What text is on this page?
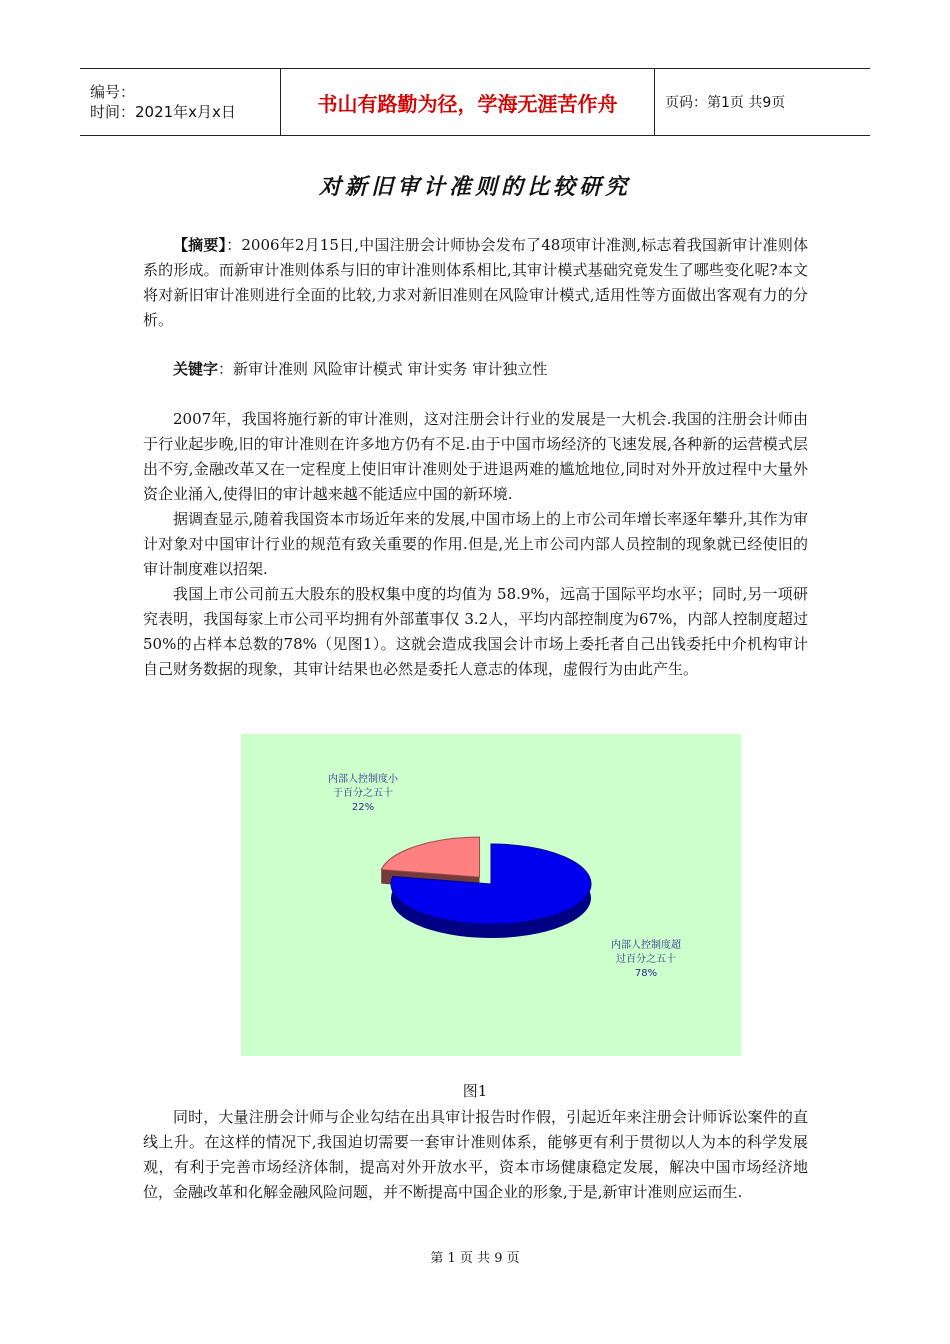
编号：
时间：2021年x月x日	书山有路勤为径，学海无涯苦作舟	页码：第1页 共9页
对新旧审计准则的比较研究

【摘要】：2006年2月15日,中国注册会计师协会发布了48项审计准测,标志着我国新审计准则体系的形成。而新审计准则体系与旧的审计准则体系相比,其审计模式基础究竟发生了哪些变化呢?本文将对新旧审计准则进行全面的比较,力求对新旧准则在风险审计模式,适用性等方面做出客观有力的分析。

关键字：新审计准则 风险审计模式 审计实务 审计独立性

2007年，我国将施行新的审计准则，这对注册会计行业的发展是一大机会.我国的注册会计师由于行业起步晚,旧的审计准则在许多地方仍有不足.由于中国市场经济的飞速发展,各种新的运营模式层出不穷,金融改革又在一定程度上使旧审计准则处于进退两难的尴尬地位,同时对外开放过程中大量外资企业涌入,使得旧的审计越来越不能适应中国的新环境.

据调查显示,随着我国资本市场近年来的发展,中国市场上的上市公司年增长率逐年攀升,其作为审计对象对中国审计行业的规范有致关重要的作用.但是,光上市公司内部人员控制的现象就已经使旧的审计制度难以招架.

我国上市公司前五大股东的股权集中度的均值为 58.9%，远高于国际平均水平；同时,另一项研究表明，我国每家上市公司平均拥有外部董事仅 3.2人，平均内部控制度为67%，内部人控制度超过50%的占样本总数的78%（见图1）。这就会造成我国会计市场上委托者自己出钱委托中介机构审计自己财务数据的现象，其审计结果也必然是委托人意志的体现，虚假行为由此产生。

内部人控制度超
过百分之五十
78%
内部人控制度小
于百分之五十
22%
图1

同时，大量注册会计师与企业勾结在出具审计报告时作假，引起近年来注册会计师诉讼案件的直线上升。在这样的情况下,我国迫切需要一套审计准则体系，能够更有利于贯彻以人为本的科学发展观，有利于完善市场经济体制，提高对外开放水平，资本市场健康稳定发展，解决中国市场经济地位，金融改革和化解金融风险问题，并不断提高中国企业的形象,于是,新审计准则应运而生.

第 1 页 共 9 页
